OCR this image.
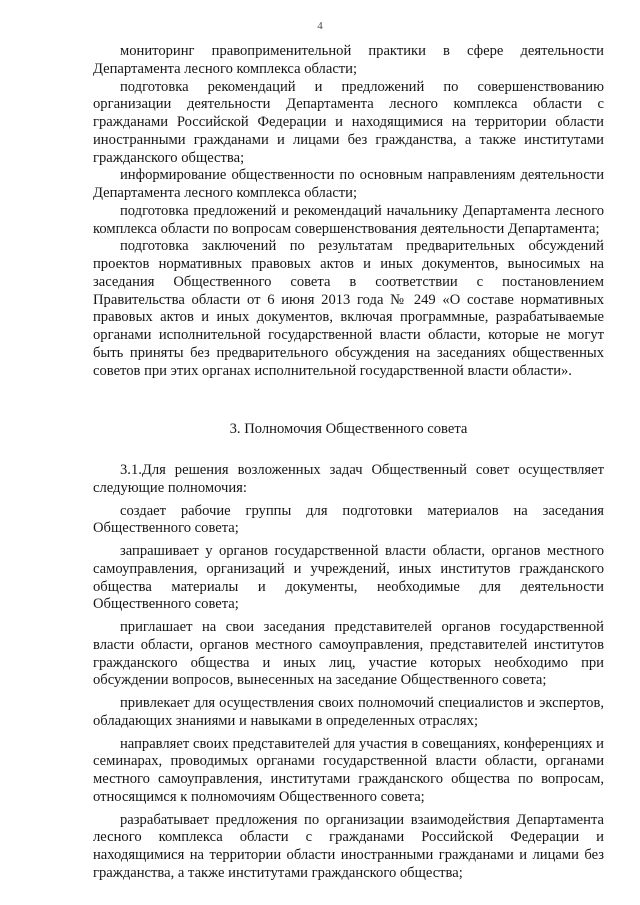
4

мониторинг правоприменительной практики в сфере деятельности Департамента лесного комплекса области;

подготовка рекомендаций и предложений по совершенствованию организации деятельности Департамента лесного комплекса области с гражданами Российской Федерации и находящимися на территории области иностранными гражданами и лицами без гражданства, а также институтами гражданского общества;

информирование общественности по основным направлениям деятельности Департамента лесного комплекса области;

подготовка предложений и рекомендаций начальнику Департамента лесного комплекса области по вопросам совершенствования деятельности Департамента;

подготовка заключений по результатам предварительных обсуждений проектов нормативных правовых актов и иных документов, выносимых на заседания Общественного совета в соответствии с постановлением Правительства области от 6 июня 2013 года № 249 «О составе нормативных правовых актов и иных документов, включая программные, разрабатываемые органами исполнительной государственной власти области, которые не могут быть приняты без предварительного обсуждения на заседаниях общественных советов при этих органах исполнительной государственной власти области».

3. Полномочия Общественного совета

3.1.Для решения возложенных задач Общественный совет осуществляет следующие полномочия:

создает рабочие группы для подготовки материалов на заседания Общественного совета;

запрашивает у органов государственной власти области, органов местного самоуправления, организаций и учреждений, иных институтов гражданского общества материалы и документы, необходимые для деятельности Общественного совета;

приглашает на свои заседания представителей органов государственной власти области, органов местного самоуправления, представителей институтов гражданского общества и иных лиц, участие которых необходимо при обсуждении вопросов, вынесенных на заседание Общественного совета;

привлекает для осуществления своих полномочий специалистов и экспертов, обладающих знаниями и навыками в определенных отраслях;

направляет своих представителей для участия в совещаниях, конференциях и семинарах, проводимых органами государственной власти области, органами местного самоуправления, институтами гражданского общества по вопросам, относящимся к полномочиям Общественного совета;

разрабатывает предложения по организации взаимодействия Департамента лесного комплекса области с гражданами Российской Федерации и находящимися на территории области иностранными гражданами и лицами без гражданства, а также институтами гражданского общества;
